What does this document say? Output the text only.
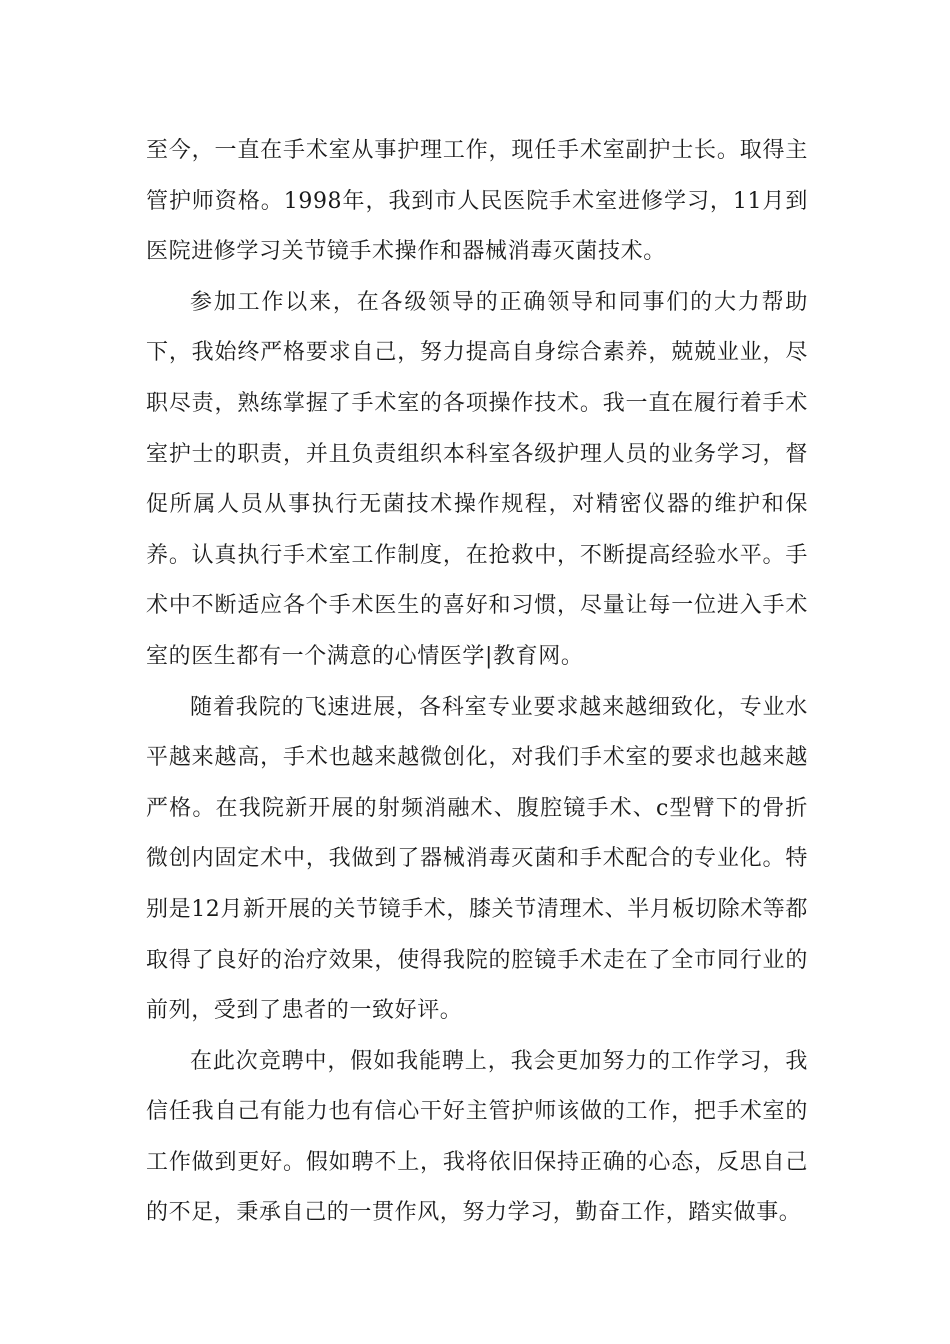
至今，一直在手术室从事护理工作，现任手术室副护士长。取得主管护师资格。1998年，我到市人民医院手术室进修学习，11月到医院进修学习关节镜手术操作和器械消毒灭菌技术。

参加工作以来，在各级领导的正确领导和同事们的大力帮助下，我始终严格要求自己，努力提高自身综合素养，兢兢业业，尽职尽责，熟练掌握了手术室的各项操作技术。我一直在履行着手术室护士的职责，并且负责组织本科室各级护理人员的业务学习，督促所属人员从事执行无菌技术操作规程，对精密仪器的维护和保养。认真执行手术室工作制度，在抢救中，不断提高经验水平。手术中不断适应各个手术医生的喜好和习惯，尽量让每一位进入手术室的医生都有一个满意的心情医学|教育网。

随着我院的飞速进展，各科室专业要求越来越细致化，专业水平越来越高，手术也越来越微创化，对我们手术室的要求也越来越严格。在我院新开展的射频消融术、腹腔镜手术、c型臂下的骨折微创内固定术中，我做到了器械消毒灭菌和手术配合的专业化。特别是12月新开展的关节镜手术，膝关节清理术、半月板切除术等都取得了良好的治疗效果，使得我院的腔镜手术走在了全市同行业的前列，受到了患者的一致好评。

在此次竞聘中，假如我能聘上，我会更加努力的工作学习，我信任我自己有能力也有信心干好主管护师该做的工作，把手术室的工作做到更好。假如聘不上，我将依旧保持正确的心态，反思自己的不足，秉承自己的一贯作风，努力学习，勤奋工作，踏实做事。
